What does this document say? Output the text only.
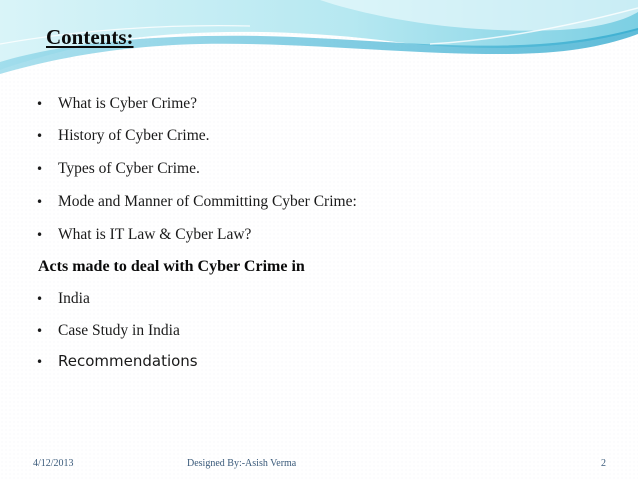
Contents:

• What is Cyber Crime?

• History of Cyber Crime.

• Types of Cyber Crime.

• Mode and Manner of Committing Cyber Crime:

• What is IT Law & Cyber Law?

Acts made to deal with Cyber Crime in

• India

• Case Study in India

• Recommendations

4/12/2013	Designed By:-Asish Verma	2
